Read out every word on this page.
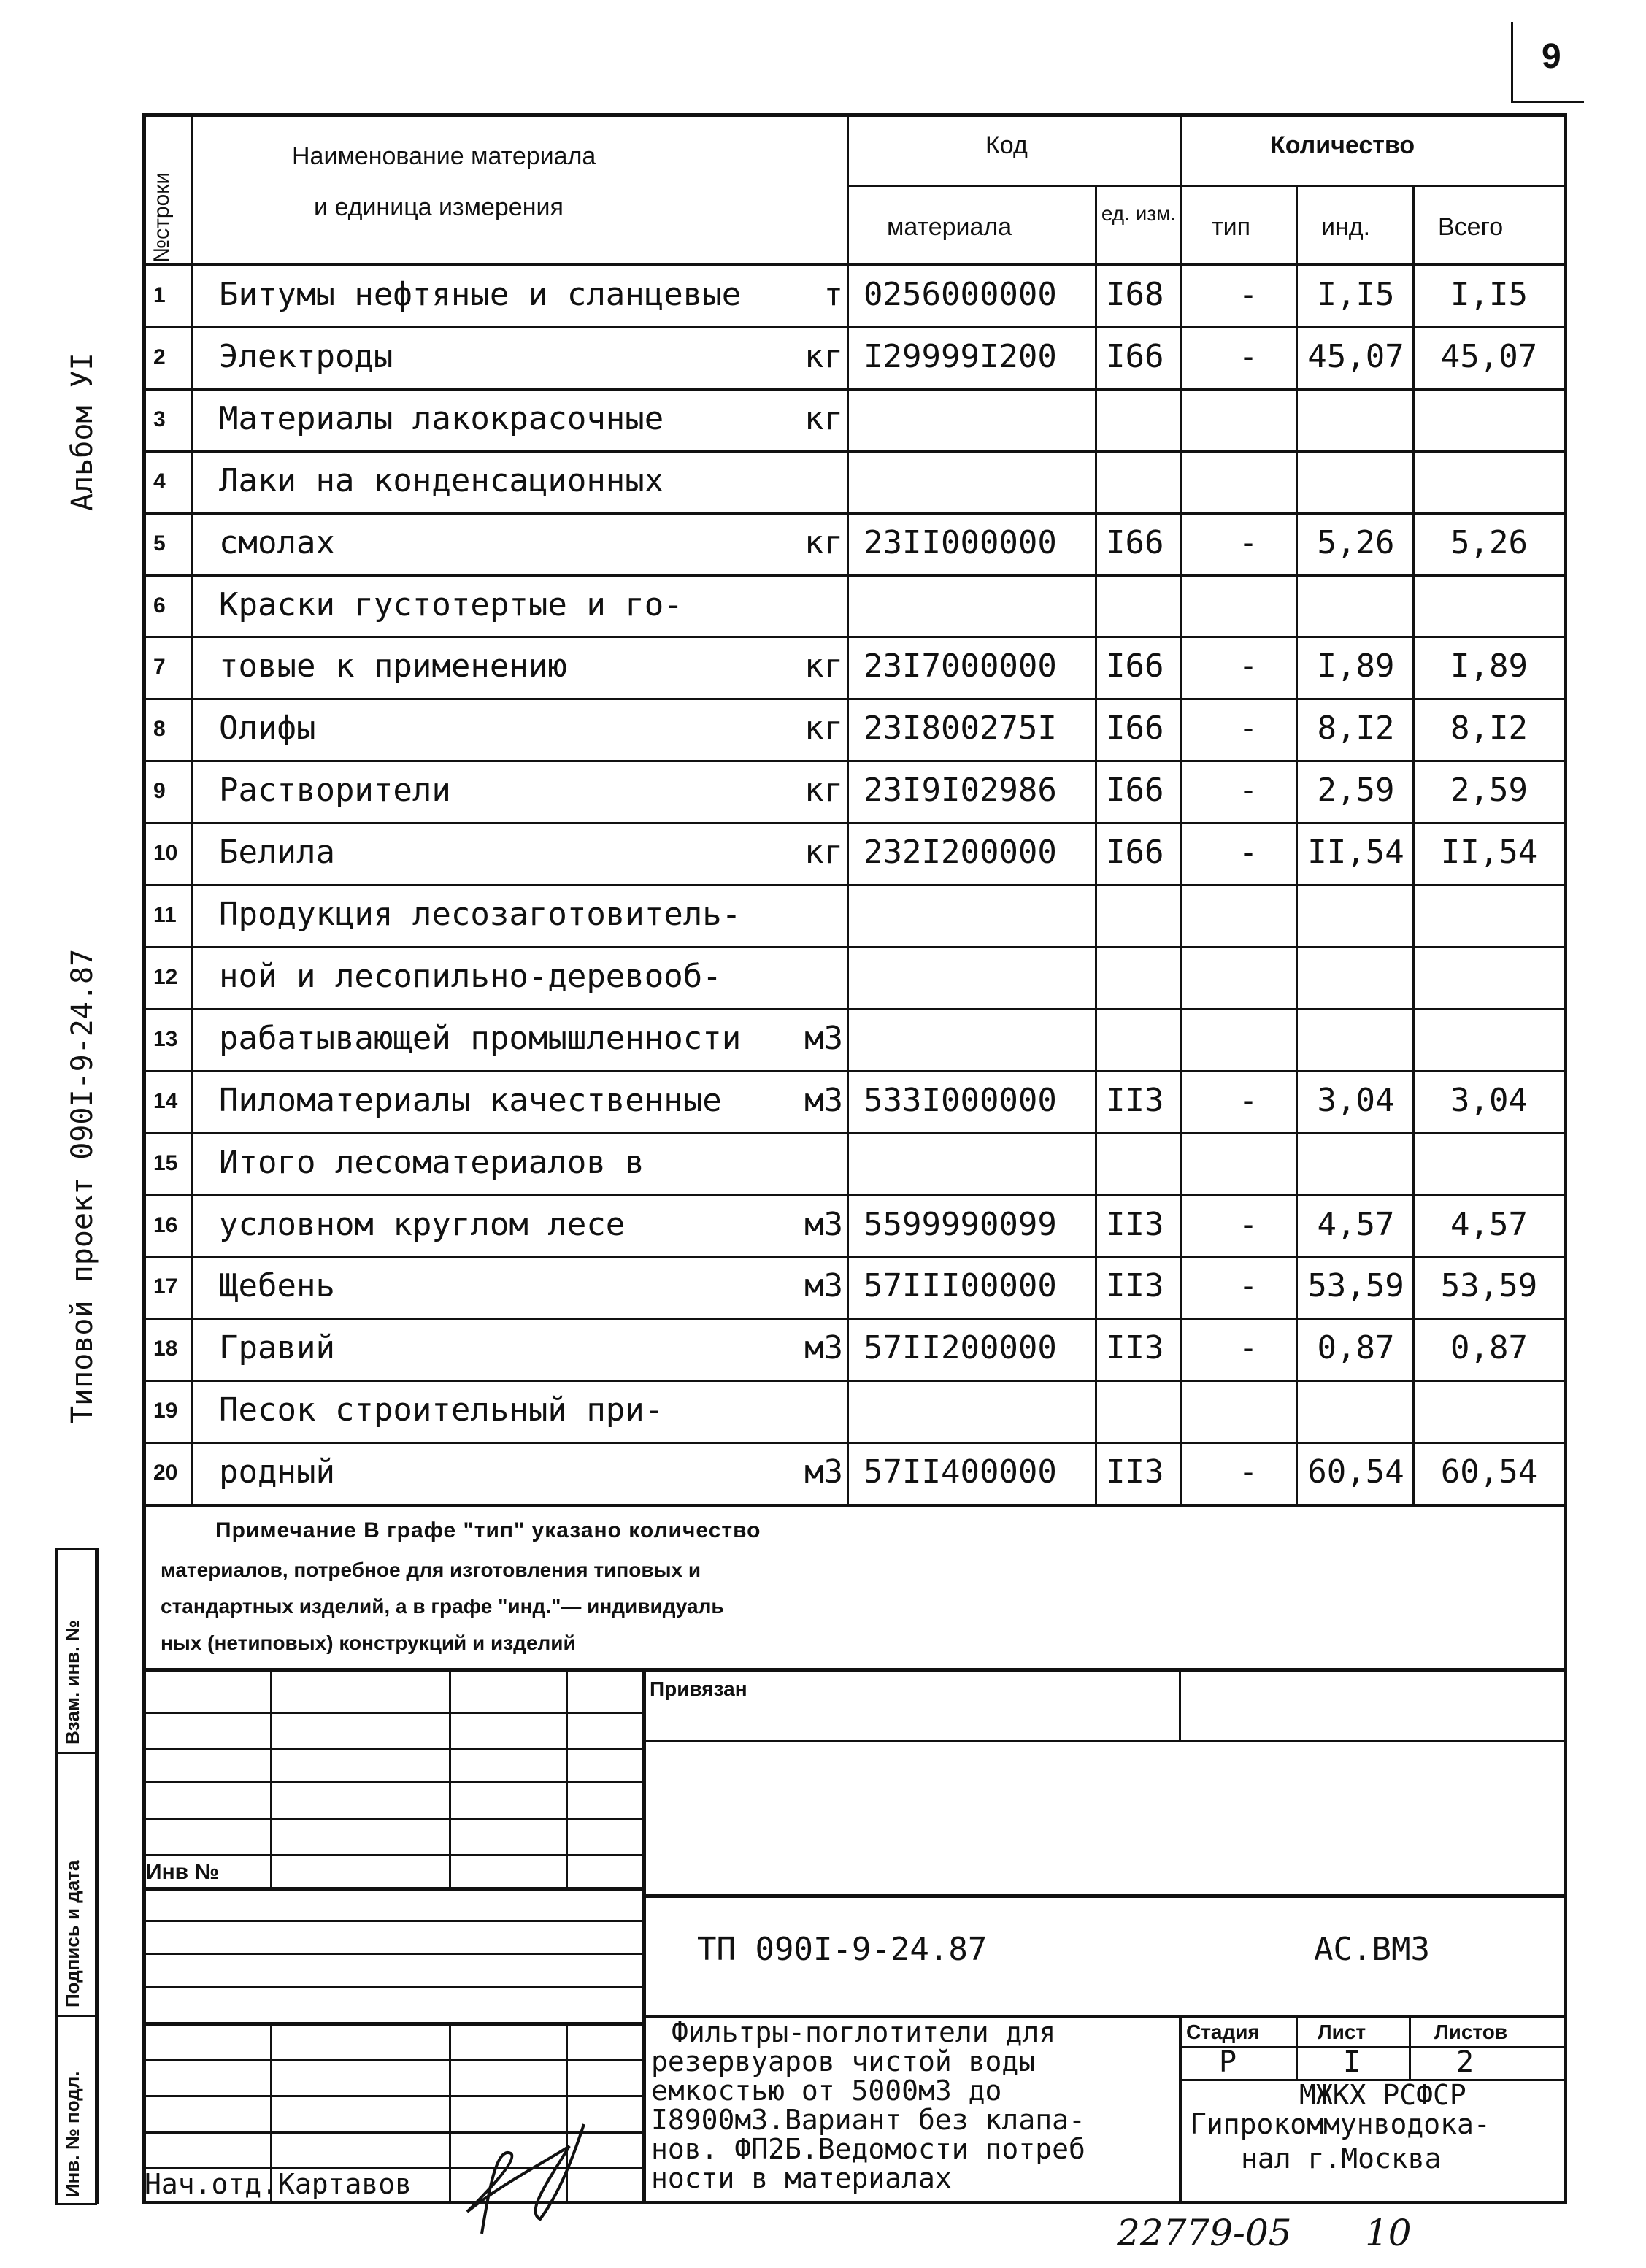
9
Альбом УI
Типовой проект 090I-9-24.87
№строки
Наименование материала
и единица измерения
Код
материала	ед. изм.
Количество
тип	инд.	Всего
1 Битумы нефтяные и сланцевые	т 0256000000 I68	-	I,I5	I,I5
2 Электроды	кг I29999I200 I66	-	45,07	45,07
3 Материалы лакокрасочные	кг
4 Лаки на конденсационных
5 смолах	кг 23II000000 I66	-	5,26	5,26
6 Краски густотертые и го-
7 товые к применению	кг 23I7000000 I66	-	I,89	I,89
8 Олифы	кг 23I800275I I66	-	8,I2	8,I2
9 Растворители	кг 23I9I02986 I66	-	2,59	2,59
10 Белила	кг 232I200000 I66	-	II,54	II,54
11 Продукция лесозаготовитель-
12 ной и лесопильно-деревооб-
13 рабатывающей промышленности	м3
14 Пиломатериалы качественные	м3 533I000000 II3	-	3,04	3,04
15 Итого лесоматериалов в
16 условном круглом лесе	м3 5599990099 II3	-	4,57	4,57
17 Щебень	м3 57III00000 II3	-	53,59	53,59
18 Гравий	м3 57II200000 II3	-	0,87	0,87
19 Песок строительный при-
20 родный	м3 57II400000 II3	-	60,54	60,54
Примечание В графе "тип" указано количество
материалов, потребное для изготовления типовых и
стандартных изделий, а в графе "инд."— индивидуаль
ных (нетиповых) конструкций и изделий
Взам. инв. №
Подпись и дата
Инв. № подл.
Привязан
Инв №
ТП 090I-9-24.87	АС.ВМ3
Фильтры-поглотители для
резервуаров чистой воды
емкостью от 5000м3 до
I8900м3.Вариант без клапа-
нов. ФП2Б.Ведомости потреб
ности в материалах
Стадия	Лист	Листов
Р	I	2
МЖКХ РСФСР
Гипрокоммунводока-
нал г.Москва
Нач.отд.Картавов
22779-05 10
